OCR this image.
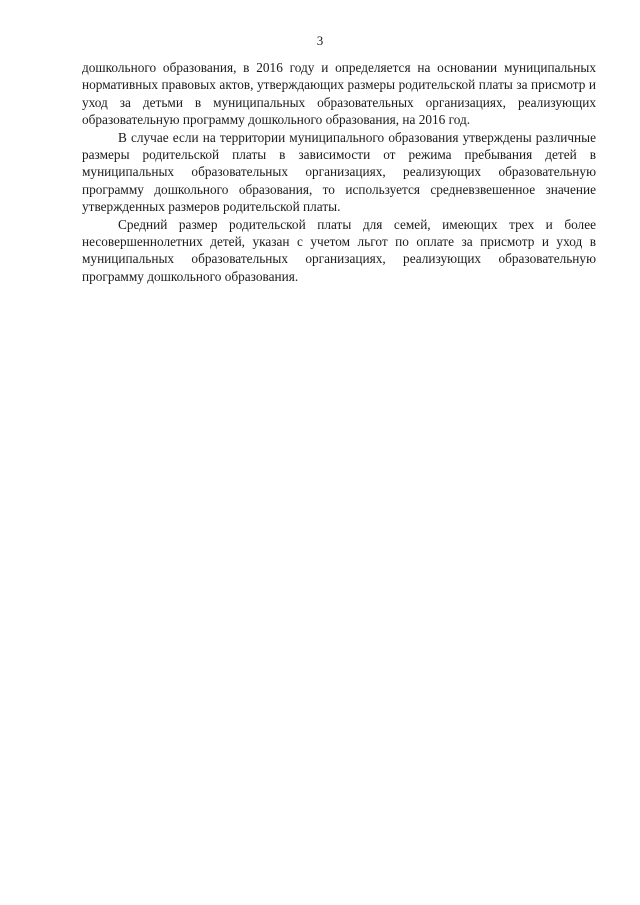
3

дошкольного образования, в 2016 году и определяется на основании муниципальных нормативных правовых актов, утверждающих размеры родительской платы за присмотр и уход за детьми в муниципальных образовательных организациях, реализующих образовательную программу дошкольного образования, на 2016 год.

В случае если на территории муниципального образования утверждены различные размеры родительской платы в зависимости от режима пребывания детей в муниципальных образовательных организациях, реализующих образовательную программу дошкольного образования, то используется средневзвешенное значение утвержденных размеров родительской платы.

Средний размер родительской платы для семей, имеющих трех и более несовершеннолетних детей, указан с учетом льгот по оплате за присмотр и уход в муниципальных образовательных организациях, реализующих образовательную программу дошкольного образования.
